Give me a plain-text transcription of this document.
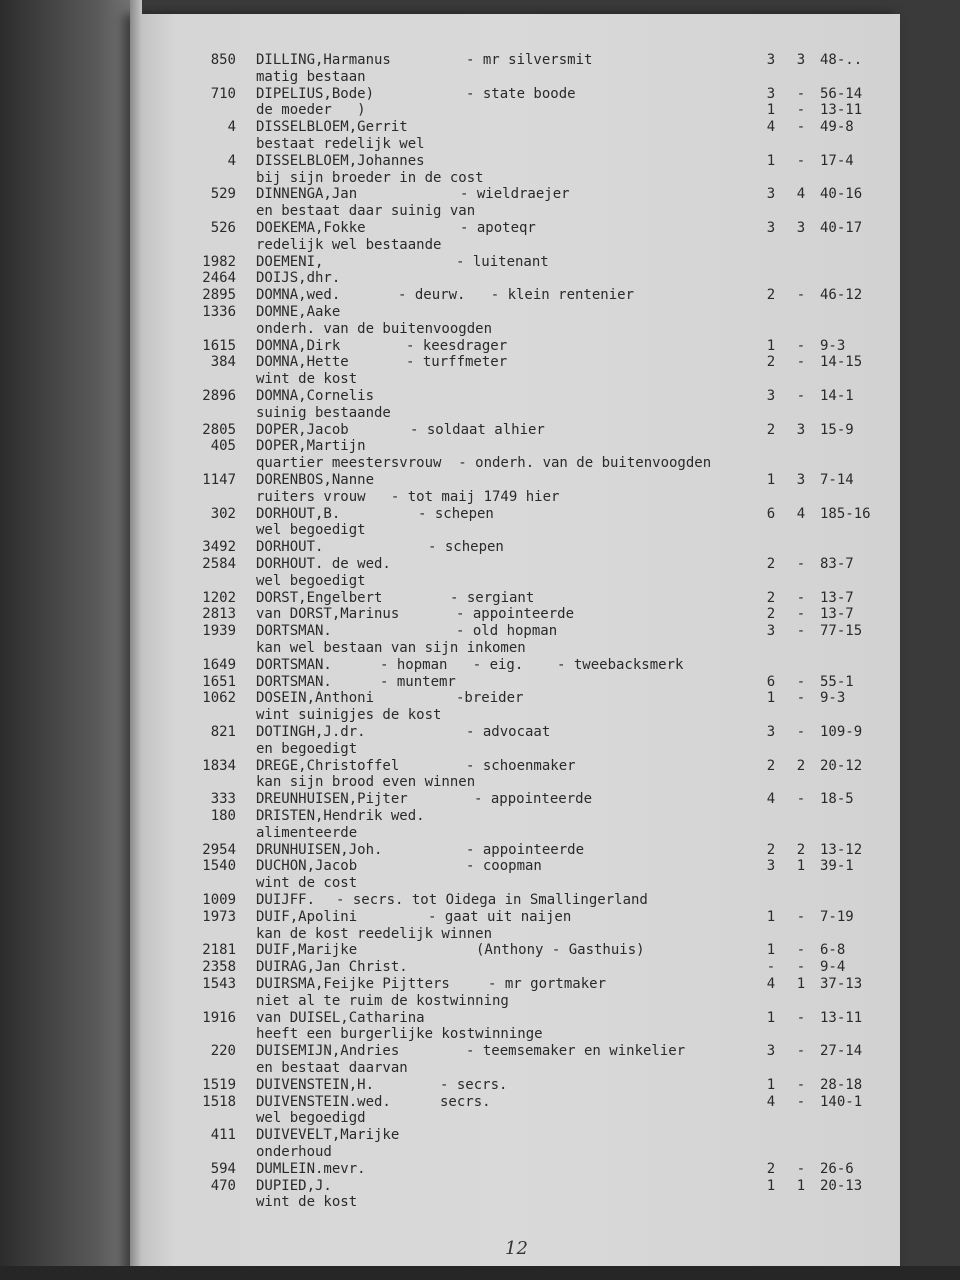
850 DILLING,Harmanus	- mr silversmit	3 3 48-..
matig bestaan
710 DIPELIUS,Bode)	- state boode	3 - 56-14
de moeder   )	1 - 13-11
4 DISSELBLOEM,Gerrit	4 - 49-8
bestaat redelijk wel
4 DISSELBLOEM,Johannes	1 - 17-4
bij sijn broeder in de cost
529 DINNENGA,Jan	- wieldraejer	3 4 40-16
en bestaat daar suinig van
526 DOEKEMA,Fokke	- apoteqr	3 3 40-17
redelijk wel bestaande
1982 DOEMENI,	- luitenant
2464 DOIJS,dhr.
2895 DOMNA,wed.	- deurw.   - klein rentenier	2 - 46-12
1336 DOMNE,Aake
onderh. van de buitenvoogden
1615 DOMNA,Dirk	- keesdrager	1 - 9-3
384 DOMNA,Hette	- turffmeter	2 - 14-15
wint de kost
2896 DOMNA,Cornelis	3 - 14-1
suinig bestaande
2805 DOPER,Jacob	- soldaat alhier	2 3 15-9
405 DOPER,Martijn
quartier meestersvrouw  - onderh. van de buitenvoogden
1147 DORENBOS,Nanne	1 3 7-14
ruiters vrouw   - tot maij 1749 hier
302 DORHOUT,B.	- schepen	6 4 185-16
wel begoedigt
3492 DORHOUT.	- schepen
2584 DORHOUT. de wed.	2 - 83-7
wel begoedigt
1202 DORST,Engelbert	- sergiant	2 - 13-7
2813 van DORST,Marinus	- appointeerde	2 - 13-7
1939 DORTSMAN.	- old hopman	3 - 77-15
kan wel bestaan van sijn inkomen
1649 DORTSMAN.	- hopman   - eig.    - tweebacksmerk
1651 DORTSMAN.	- muntemr	6 - 55-1
1062 DOSEIN,Anthoni	-breider	1 - 9-3
wint suinigjes de kost
821 DOTINGH,J.dr.	- advocaat	3 - 109-9
en begoedigt
1834 DREGE,Christoffel	- schoenmaker	2 2 20-12
kan sijn brood even winnen
333 DREUNHUISEN,Pijter	- appointeerde	4 - 18-5
180 DRISTEN,Hendrik wed.
alimenteerde
2954 DRUNHUISEN,Joh.	- appointeerde	2 2 13-12
1540 DUCHON,Jacob	- coopman	3 1 39-1
wint de cost
1009 DUIJFF. - secrs. tot Oidega in Smallingerland
1973 DUIF,Apolini	- gaat uit naijen	1 - 7-19
kan de kost reedelijk winnen
2181 DUIF,Marijke	(Anthony - Gasthuis)	1 - 6-8
2358 DUIRAG,Jan Christ.	- - 9-4
1543 DUIRSMA,Feijke Pijtters	- mr gortmaker	4 1 37-13
niet al te ruim de kostwinning
1916 van DUISEL,Catharina	1 - 13-11
heeft een burgerlijke kostwinninge
220 DUISEMIJN,Andries	- teemsemaker en winkelier	3 - 27-14
en bestaat daarvan
1519 DUIVENSTEIN,H.	- secrs.	1 - 28-18
1518 DUIVENSTEIN.wed.	secrs.	4 - 140-1
wel begoedigd
411 DUIVEVELT,Marijke
onderhoud
594 DUMLEIN.mevr.	2 - 26-6
470 DUPIED,J.	1 1 20-13
wint de kost
12
